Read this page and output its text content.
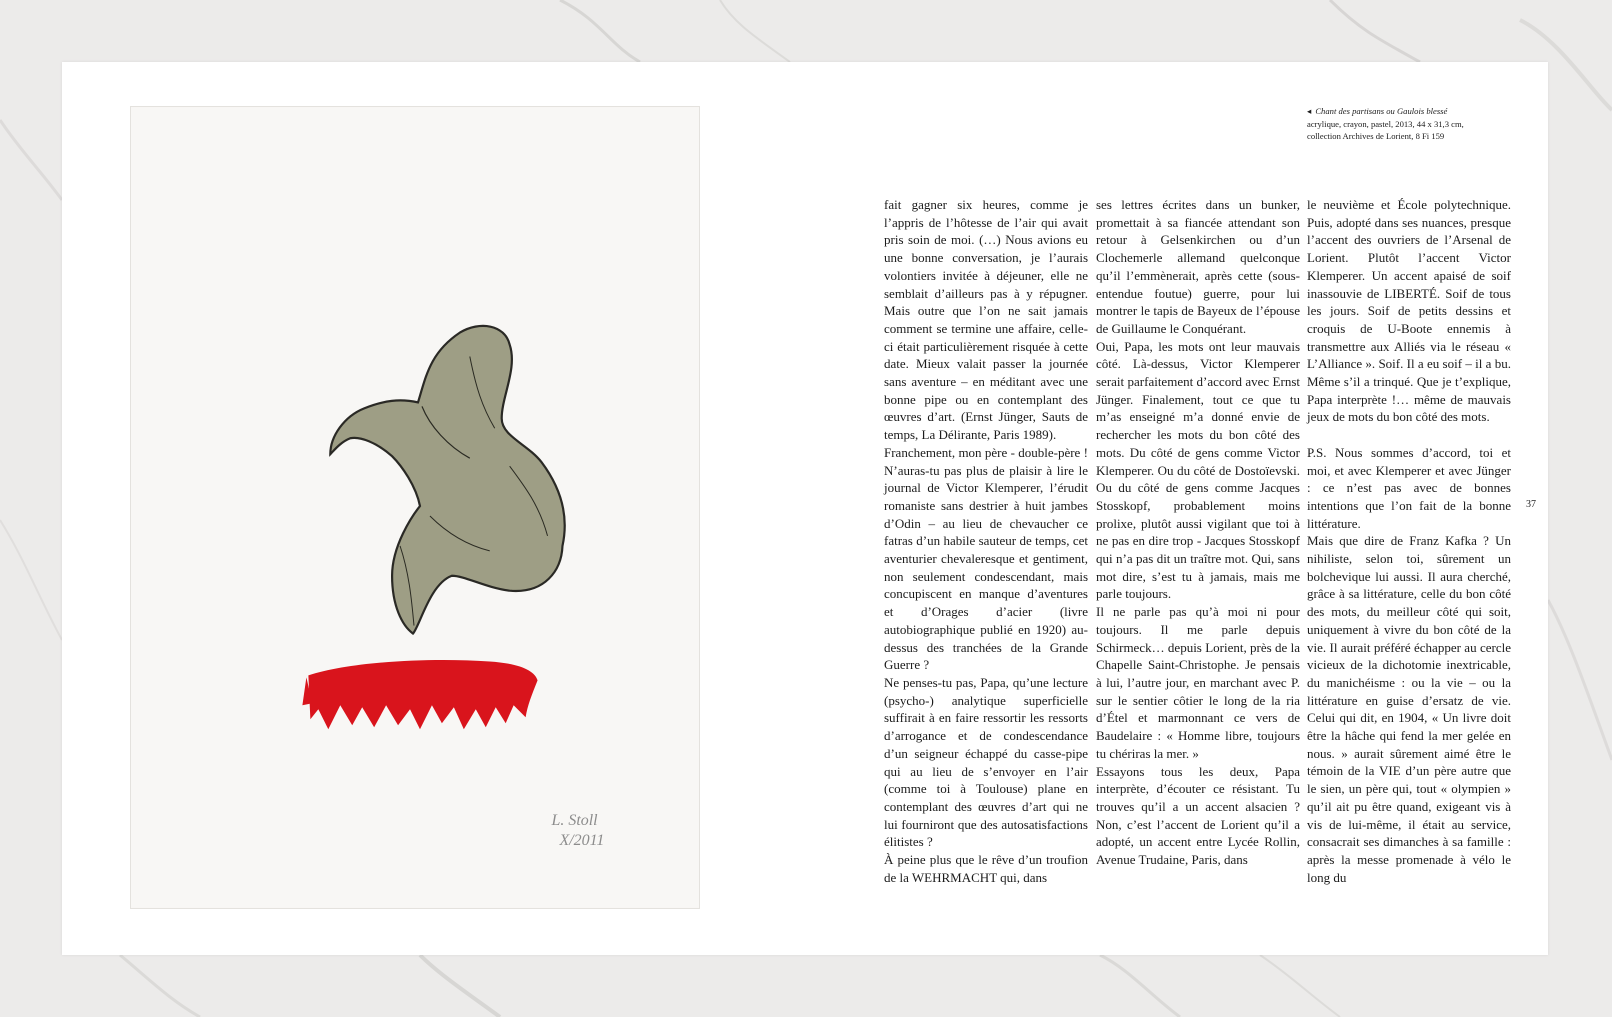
L. Stoll
X/2011
◂ Chant des partisans ou Gaulois blessé
acrylique, crayon, pastel, 2013, 44 x 31,3 cm,
collection Archives de Lorient, 8 Fi 159

fait gagner six heures, comme je l’appris de l’hôtesse de l’air qui avait pris soin de moi. (…) Nous avions eu une bonne conversation, je l’aurais volontiers invitée à déjeuner, elle ne semblait d’ailleurs pas à y répugner. Mais outre que l’on ne sait jamais comment se termine une affaire, celle-ci était particulièrement risquée à cette date. Mieux valait passer la journée sans aventure – en méditant avec une bonne pipe ou en contemplant des œuvres d’art. (Ernst Jünger, Sauts de temps, La Délirante, Paris 1989).

Franchement, mon père - double-père ! N’auras-tu pas plus de plaisir à lire le journal de Victor Klemperer, l’érudit romaniste sans destrier à huit jambes d’Odin – au lieu de chevaucher ce fatras d’un habile sauteur de temps, cet aventurier chevaleresque et gentiment, non seulement condescendant, mais concupiscent en manque d’aventures et d’Orages d’acier (livre autobiographique publié en 1920) au-dessus des tranchées de la Grande Guerre ?

Ne penses-tu pas, Papa, qu’une lecture (psycho-) analytique superficielle suffirait à en faire ressortir les ressorts d’arrogance et de condescendance d’un seigneur échappé du casse-pipe qui au lieu de s’envoyer en l’air (comme toi à Toulouse) plane en contemplant des œuvres d’art qui ne lui fourniront que des autosatisfactions élitistes ?

À peine plus que le rêve d’un troufion de la WEHRMACHT qui, dans

ses lettres écrites dans un bunker, promettait à sa fiancée attendant son retour à Gelsenkirchen ou d’un Clochemerle allemand quelconque qu’il l’emmènerait, après cette (sous-entendue foutue) guerre, pour lui montrer le tapis de Bayeux de l’épouse de Guillaume le Conquérant.

Oui, Papa, les mots ont leur mauvais côté. Là-dessus, Victor Klemperer serait parfaitement d’accord avec Ernst Jünger. Finalement, tout ce que tu m’as enseigné m’a donné envie de rechercher les mots du bon côté des mots. Du côté de gens comme Victor Klemperer. Ou du côté de Dostoïevski. Ou du côté de gens comme Jacques Stosskopf, probablement moins prolixe, plutôt aussi vigilant que toi à ne pas en dire trop - Jacques Stosskopf qui n’a pas dit un traître mot. Qui, sans mot dire, s’est tu à jamais, mais me parle toujours.

Il ne parle pas qu’à moi ni pour toujours. Il me parle depuis Schirmeck… depuis Lorient, près de la Chapelle Saint-Christophe. Je pensais à lui, l’autre jour, en marchant avec P. sur le sentier côtier le long de la ria d’Étel et marmonnant ce vers de Baudelaire : « Homme libre, toujours tu chériras la mer. »

Essayons tous les deux, Papa interprète, d’écouter ce résistant. Tu trouves qu’il a un accent alsacien ? Non, c’est l’accent de Lorient qu’il a adopté, un accent entre Lycée Rollin, Avenue Trudaine, Paris, dans

le neuvième et École polytechnique. Puis, adopté dans ses nuances, presque l’accent des ouvriers de l’Arsenal de Lorient. Plutôt l’accent Victor Klemperer. Un accent apaisé de soif inassouvie de LIBERTÉ. Soif de tous les jours. Soif de petits dessins et croquis de U-Boote ennemis à transmettre aux Alliés via le réseau « L’Alliance ». Soif. Il a eu soif – il a bu. Même s’il a trinqué. Que je t’explique, Papa interprète !… même de mauvais jeux de mots du bon côté des mots.

P.S. Nous sommes d’accord, toi et moi, et avec Klemperer et avec Jünger : ce n’est pas avec de bonnes intentions que l’on fait de la bonne littérature.

Mais que dire de Franz Kafka ? Un nihiliste, selon toi, sûrement un bolchevique lui aussi. Il aura cherché, grâce à sa littérature, celle du bon côté des mots, du meilleur côté qui soit, uniquement à vivre du bon côté de la vie. Il aurait préféré échapper au cercle vicieux de la dichotomie inextricable, du manichéisme : ou la vie – ou la littérature en guise d’ersatz de vie. Celui qui dit, en 1904, « Un livre doit être la hâche qui fend la mer gelée en nous. » aurait sûrement aimé être le témoin de la VIE d’un père autre que le sien, un père qui, tout « olympien » qu’il ait pu être quand, exigeant vis à vis de lui-même, il était au service, consacrait ses dimanches à sa famille : après la messe promenade à vélo le long du

37
